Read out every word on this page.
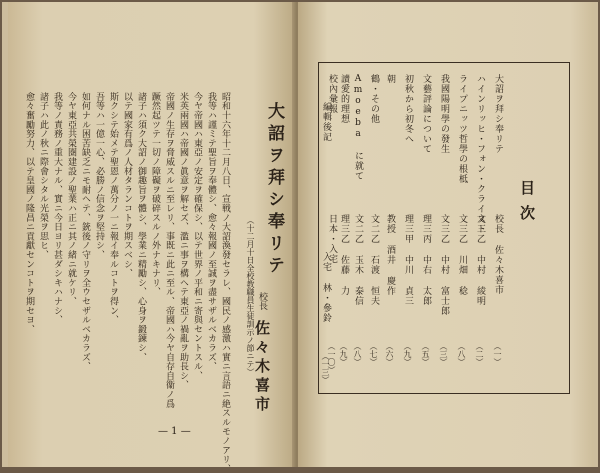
大詔ヲ拜シ奉リテ
（十二月十日全校教職員生徒訓示ノ節ニテ） 校長
佐々木喜市
昭和十六年十二月八日、宣戦ノ大詔渙發セラレ、國民ノ感激ハ實ニ言語ニ絶スルモノアリ、
我等ハ謹ミテ聖旨ヲ奉體シ、愈々報國ノ至誠ヲ盡サザルベカラズ、
今ヤ帝國ハ東亞ノ安定ヲ確保シ、以テ世界ノ平和ニ寄與セントスル、
米英兩國ハ帝國ノ眞意ヲ解セズ、濫ニ事ヲ構ヘテ東亞ノ禍亂ヲ助長シ、
帝國ノ生存ヲ脅威スルニ至レリ、事既ニ此ニ至ル、帝國ハ今ヤ自存自衞ノ爲
蹶然起ツテ一切ノ障礙ヲ破碎スルノ外ナキナリ、
諸子ハ須ク大詔ノ御趣旨ヲ體シ、學業ニ精勵シ、心身ヲ鍛錬シ、
以テ國家有爲ノ人材タランコトヲ期スベシ、
斯クシテ始メテ聖恩ノ萬分ノ一ニ報イ奉ルコトヲ得ン、
吾等ハ一億一心、必勝ノ信念ヲ堅持シ、
如何ナル困苦缺乏ニモ耐ヘテ、銃後ノ守リヲ全ウセザルベカラズ、
今ヤ東亞共榮圏建設ノ聖業ハ正ニ其ノ緒ニ就ケリ、
我等ノ責務ノ重大ナル、實ニ今日ヨリ甚ダシキハナシ、
諸子ハ此ノ秋ニ際會シタル光榮ヲ思ヒ、
愈々奮勵努力、以テ皇國ノ隆昌ニ貢獻センコトヲ期セヨ、
— 1 —
目次
大詔ヲ拜シ奉リテ
校長 佐々木喜市
（一）
ハインリッヒ・フォン・クライスト
文三乙 中村 綾明
（二）
ライプニッツ哲學の根柢
文三乙 川畑 稔
（八）
我國陽明學の發生
文三乙 中村 富士郎
（三）
文藝評論について
理三丙 中右 太郎
（五）
初秋から初冬へ
理三甲 中川 貞三
（九）
朝
教授 酒井 慶作
（六）
鶴・その他
文二乙 石渡 恒夫
（七）
Amoeba に就て
文二乙 玉木 泰信
（八）
讀愛的理想
理三乙 佐藤 力
（九）
校內彙報
日本・入宅
（一〇）
編輯後記
入宅 林・參鈴
（一三）
